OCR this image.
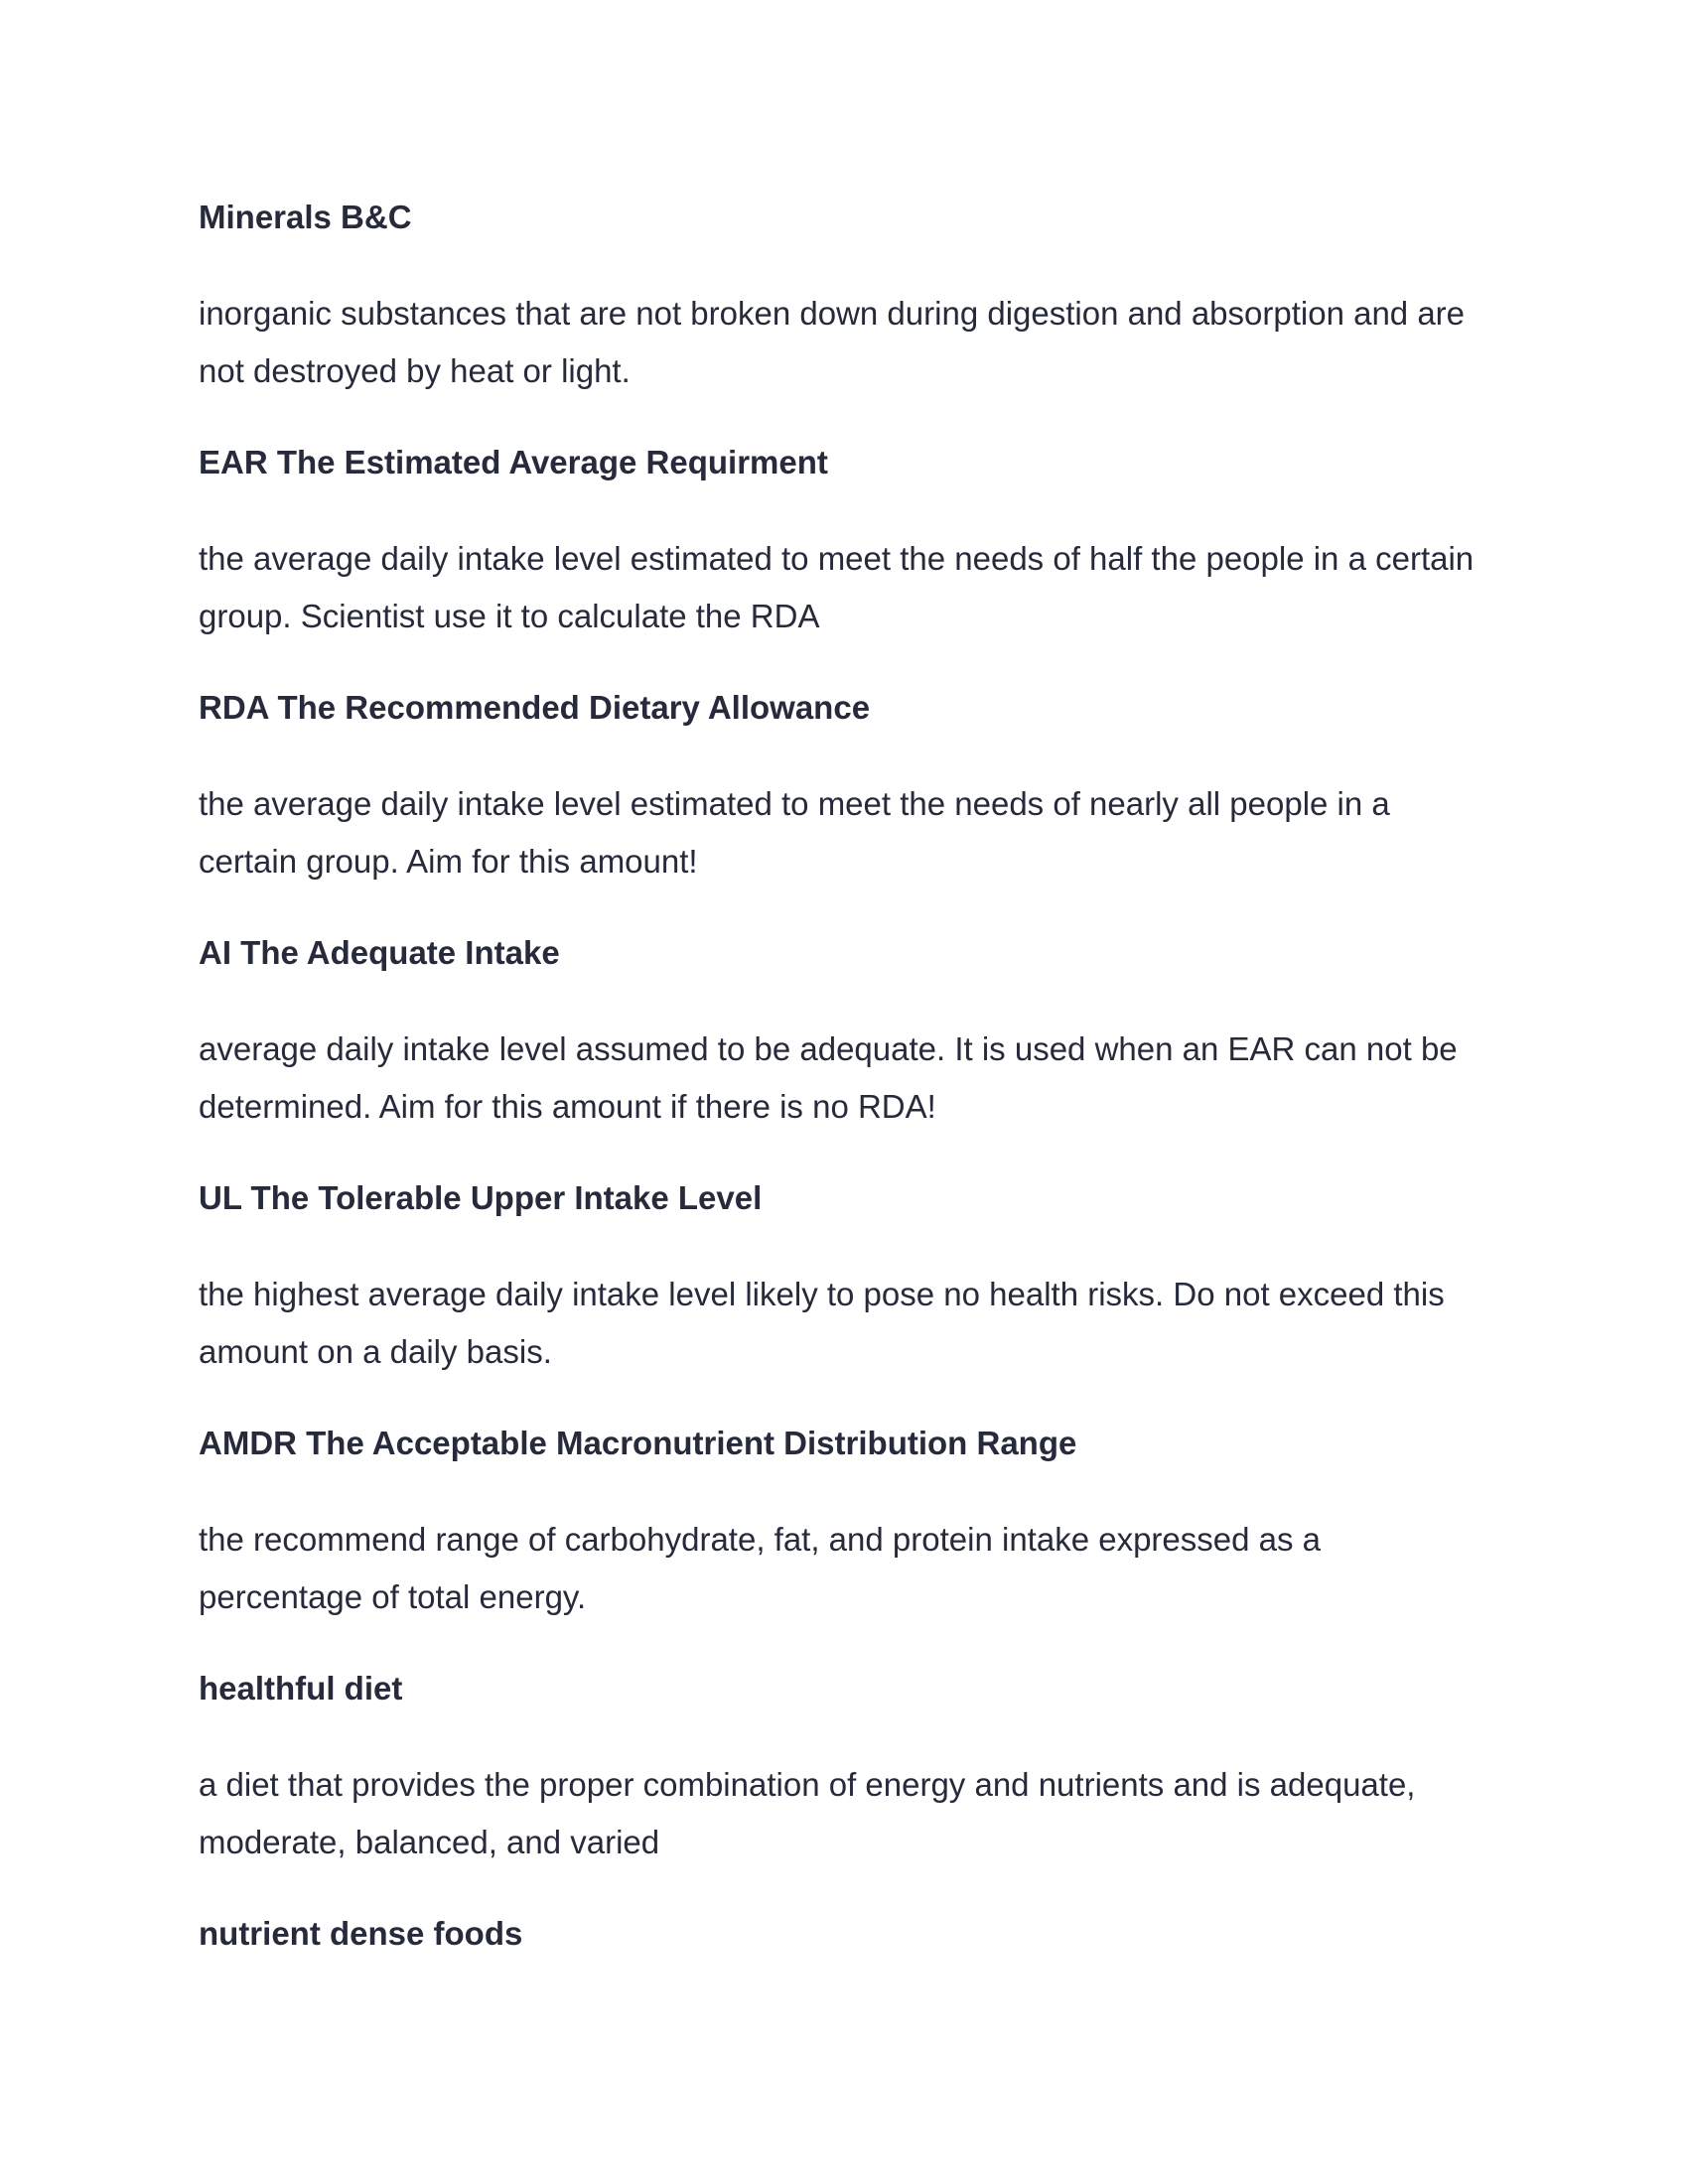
Minerals B&C
inorganic substances that are not broken down during digestion and absorption and are
not destroyed by heat or light.
EAR The Estimated Average Requirment
the average daily intake level estimated to meet the needs of half the people in a certain
group. Scientist use it to calculate the RDA
RDA The Recommended Dietary Allowance
the average daily intake level estimated to meet the needs of nearly all people in a
certain group. Aim for this amount!
AI The Adequate Intake
average daily intake level assumed to be adequate. It is used when an EAR can not be
determined. Aim for this amount if there is no RDA!
UL The Tolerable Upper Intake Level
the highest average daily intake level likely to pose no health risks. Do not exceed this
amount on a daily basis.
AMDR The Acceptable Macronutrient Distribution Range
the recommend range of carbohydrate, fat, and protein intake expressed as a
percentage of total energy.
healthful diet
a diet that provides the proper combination of energy and nutrients and is adequate,
moderate, balanced, and varied
nutrient dense foods
